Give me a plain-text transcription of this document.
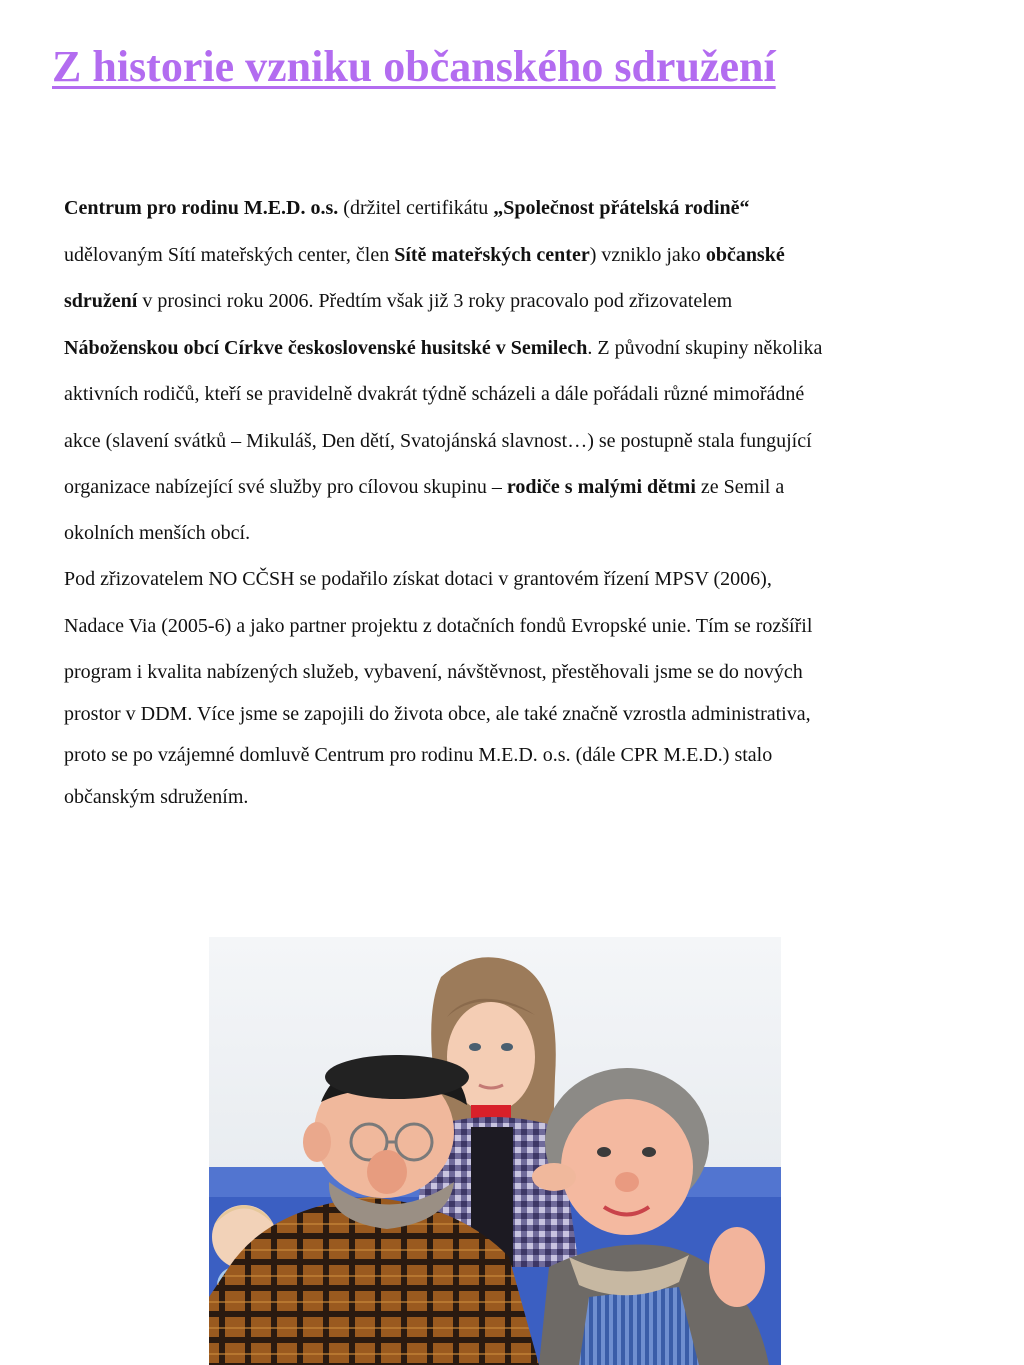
Z historie vzniku občanského sdružení

Centrum pro rodinu M.E.D. o.s. (držitel certifikátu „Společnost přátelská rodině“

udělovaným Sítí mateřských center, člen Sítě mateřských center) vzniklo jako občanské

sdružení v prosinci roku 2006. Předtím však již 3 roky pracovalo pod zřizovatelem

Náboženskou obcí Církve československé husitské v Semilech. Z původní skupiny několika

aktivních rodičů, kteří se pravidelně dvakrát týdně scházeli a dále pořádali různé mimořádné

akce (slavení svátků – Mikuláš, Den dětí, Svatojánská slavnost…) se postupně stala fungující

organizace nabízející své služby pro cílovou skupinu – rodiče s malými dětmi ze Semil a

okolních menších obcí.

Pod zřizovatelem NO CČSH se podařilo získat dotaci v grantovém řízení MPSV (2006),

Nadace Via (2005-6) a jako partner projektu z dotačních fondů Evropské unie. Tím se rozšířil

program i kvalita nabízených služeb, vybavení, návštěvnost, přestěhovali jsme se do nových

prostor v DDM. Více jsme se zapojili do života obce, ale také značně vzrostla administrativa,

proto se po vzájemné domluvě Centrum pro rodinu M.E.D. o.s. (dále CPR M.E.D.) stalo

občanským sdružením.
